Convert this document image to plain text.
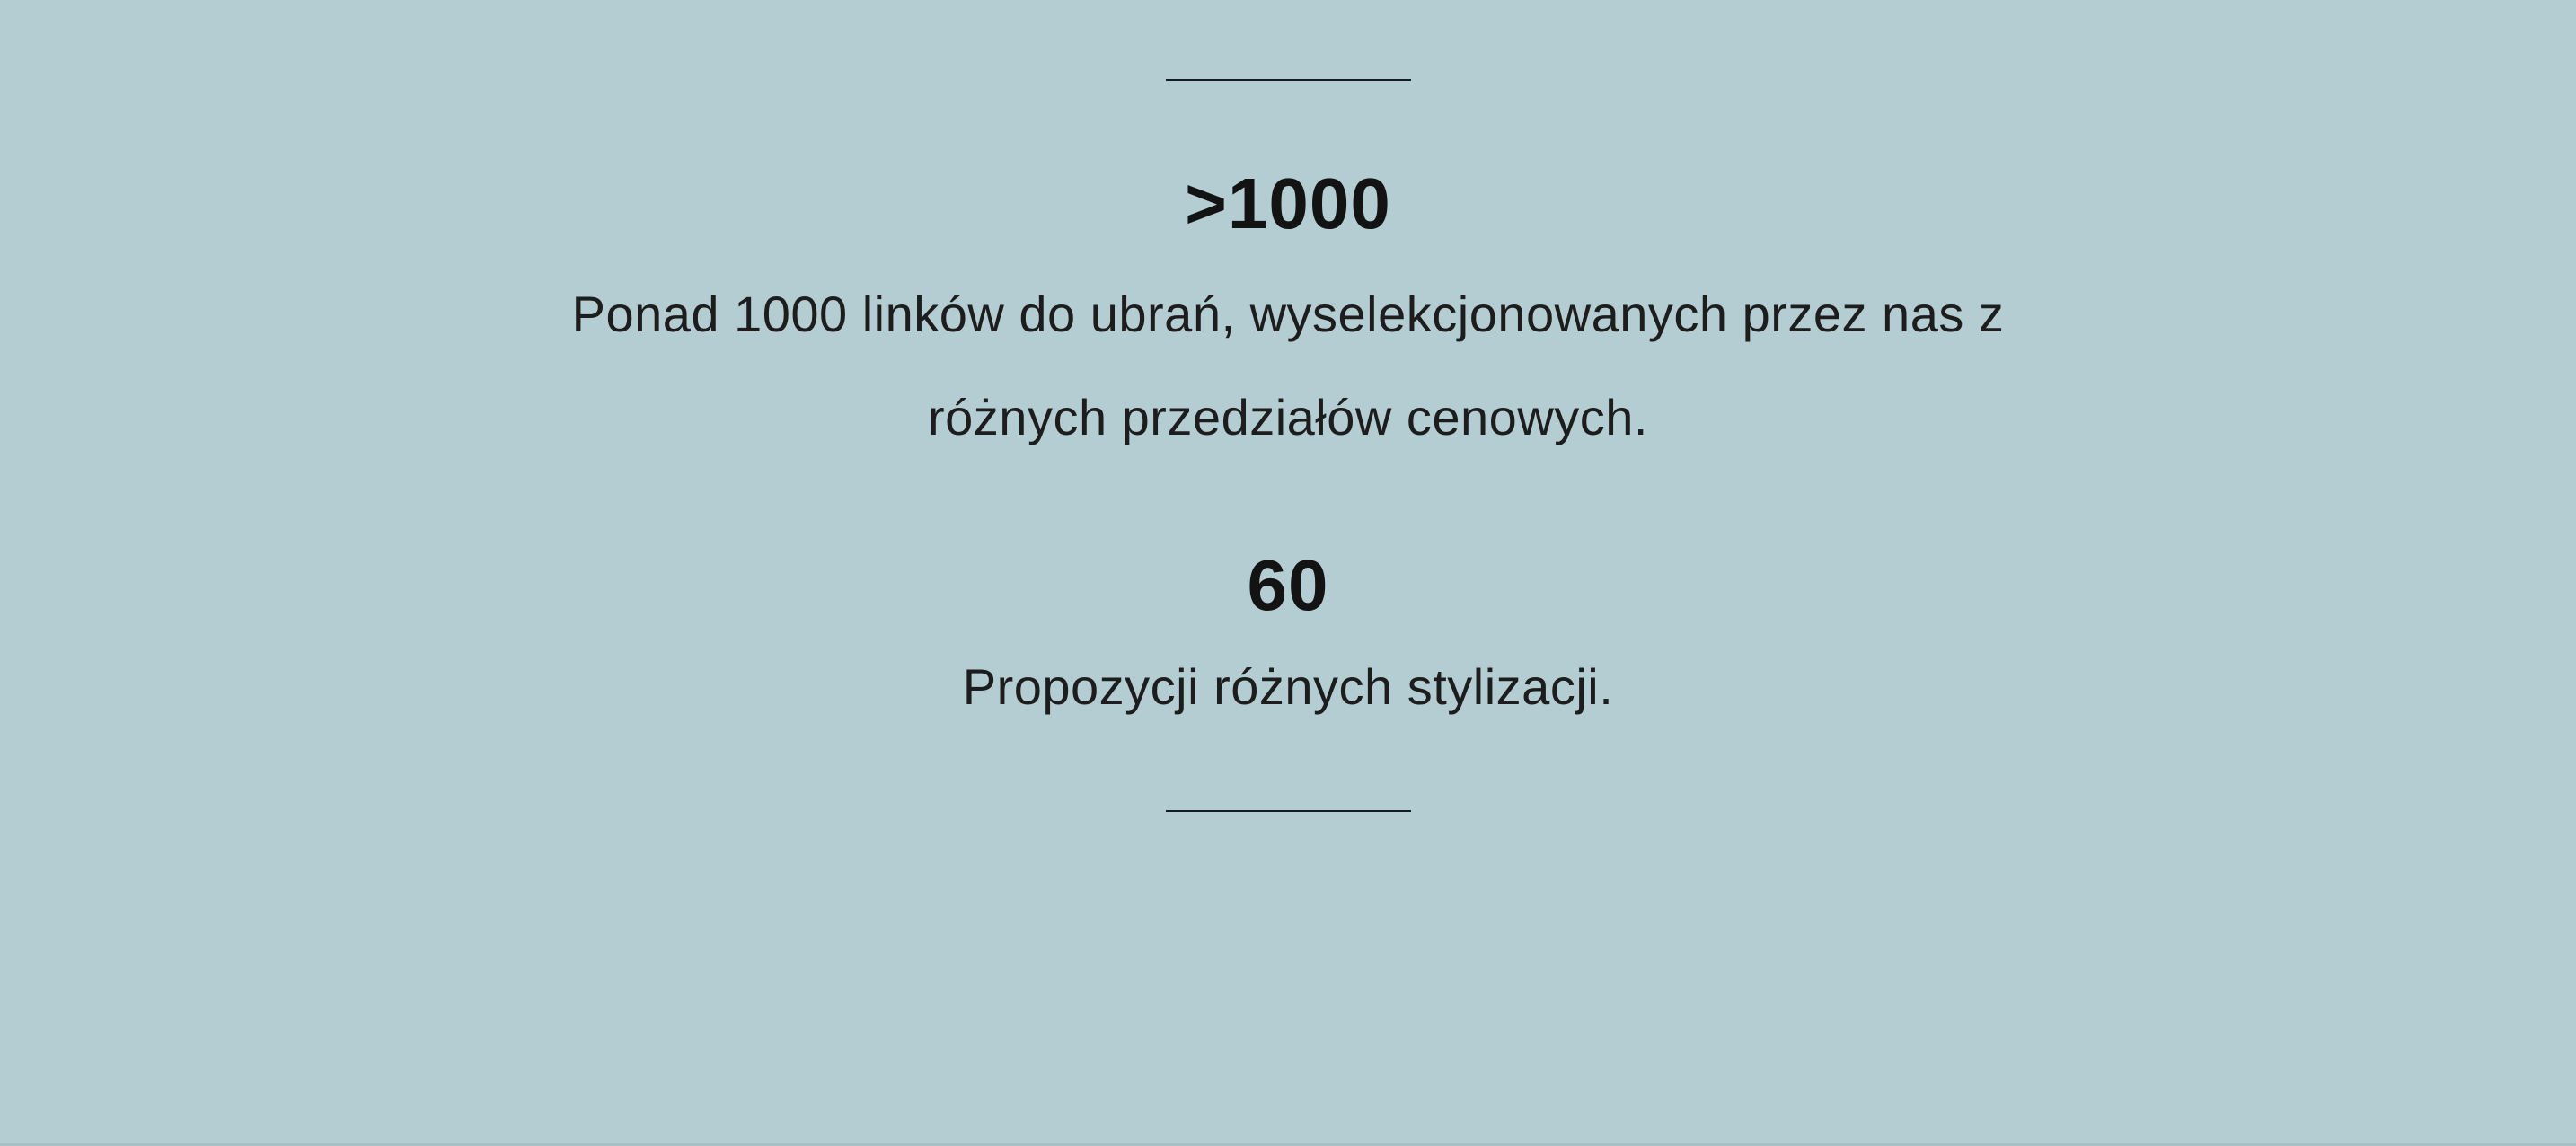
>1000

Ponad 1000 linków do ubrań, wyselekcjonowanych przez nas z różnych przedziałów cenowych.

60

Propozycji różnych stylizacji.
